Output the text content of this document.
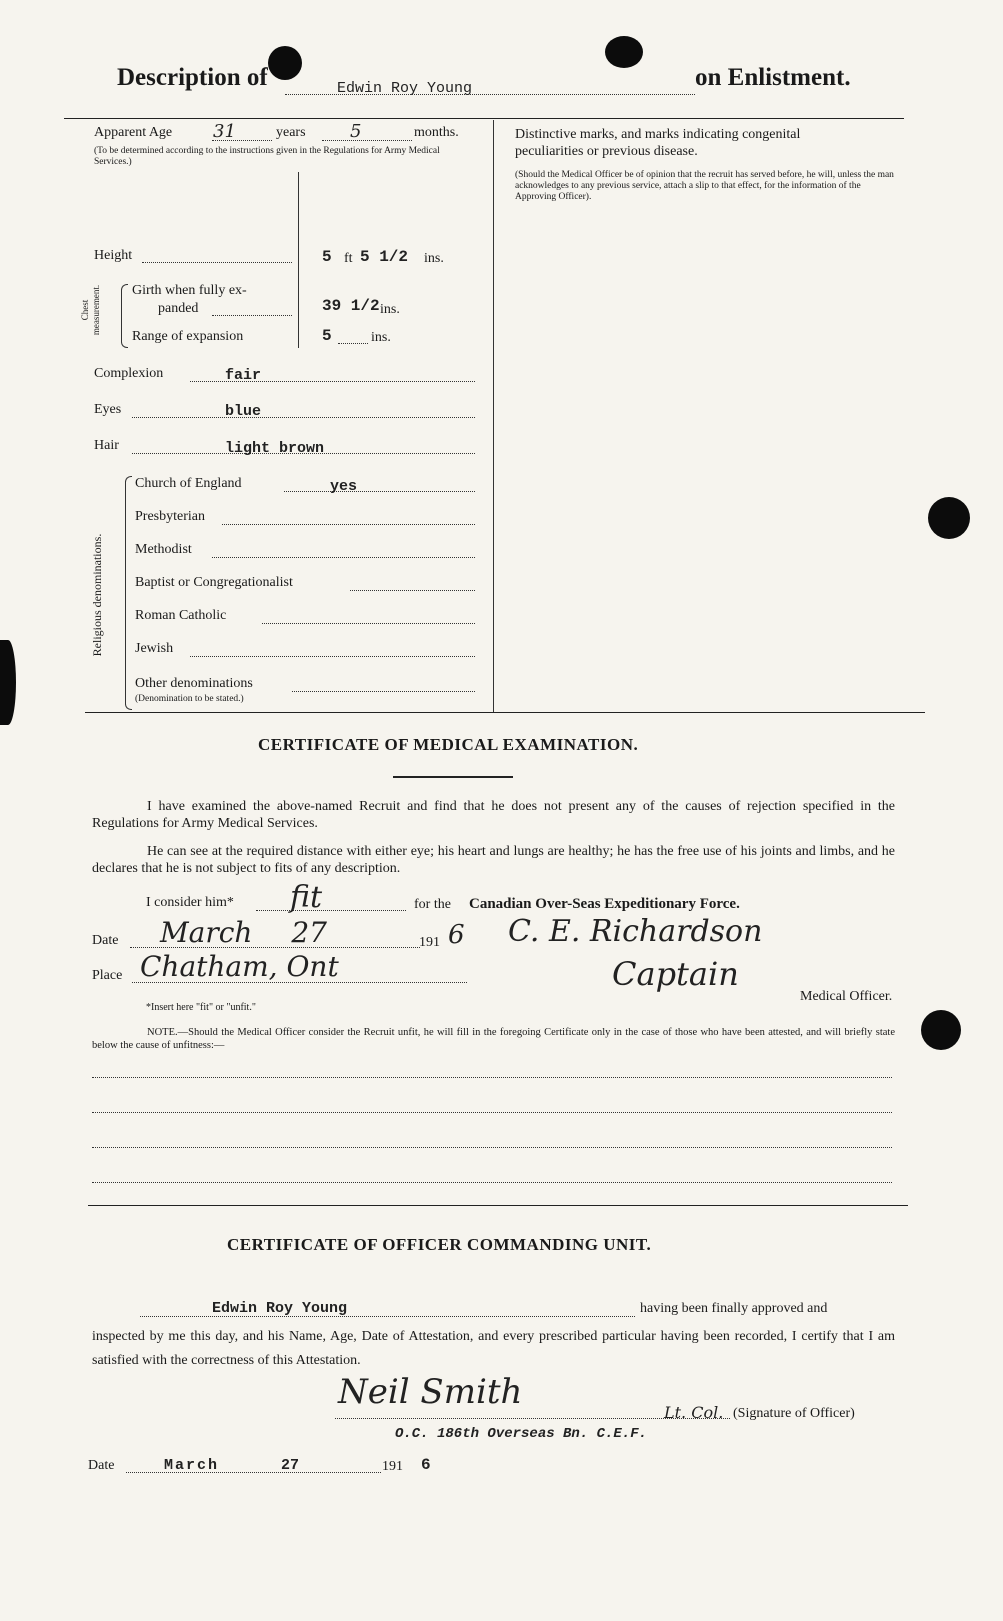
Description of	Edwin Roy Young	on Enlistment.
Apparent Age 31	years 5	months.
(To be determined according to the instructions given in the Regulations for Army Medical Services.)
Height	5 ft 5 1/2 ins.
Chest measurement. Girth when fully ex-
panded	39 1/2 ins.
Range of expansion	5	ins.
Complexion	fair
Eyes	blue
Hair	light brown
Religious denominations.
Church of England	yes
Presbyterian
Methodist
Baptist or Congregationalist
Roman Catholic
Jewish
Other denominations
(Denomination to be stated.)
Distinctive marks, and marks indicating congenital
peculiarities or previous disease.
(Should the Medical Officer be of opinion that the recruit has served before, he will, unless the man acknowledges to any previous service, attach a slip to that effect, for the information of the Approving Officer).
CERTIFICATE OF MEDICAL EXAMINATION.
I have examined the above-named Recruit and find that he does not present any of the causes of rejection specified in the Regulations for Army Medical Services.
He can see at the required distance with either eye; his heart and lungs are healthy; he has the free use of his joints and limbs, and he declares that he is not subject to fits of any description.
I consider him* fit	for the Canadian Over-Seas Expeditionary Force.
Date March 27	191 6 C. E. Richardson
Place Chatham, Ont	Captain
Medical Officer.
*Insert here "fit" or "unfit."
NOTE.—Should the Medical Officer consider the Recruit unfit, he will fill in the foregoing Certificate only in the case of those who have been attested, and will briefly state below the cause of unfitness:—
CERTIFICATE OF OFFICER COMMANDING UNIT.
Edwin Roy Young	having been finally approved and
inspected by me this day, and his Name, Age, Date of Attestation, and every prescribed particular having been recorded, I certify that I am satisfied with the correctness of this Attestation.
Neil Smith
Lt. Col. (Signature of Officer)
O.C. 186th Overseas Bn. C.E.F.
Date	March	27	191 6
